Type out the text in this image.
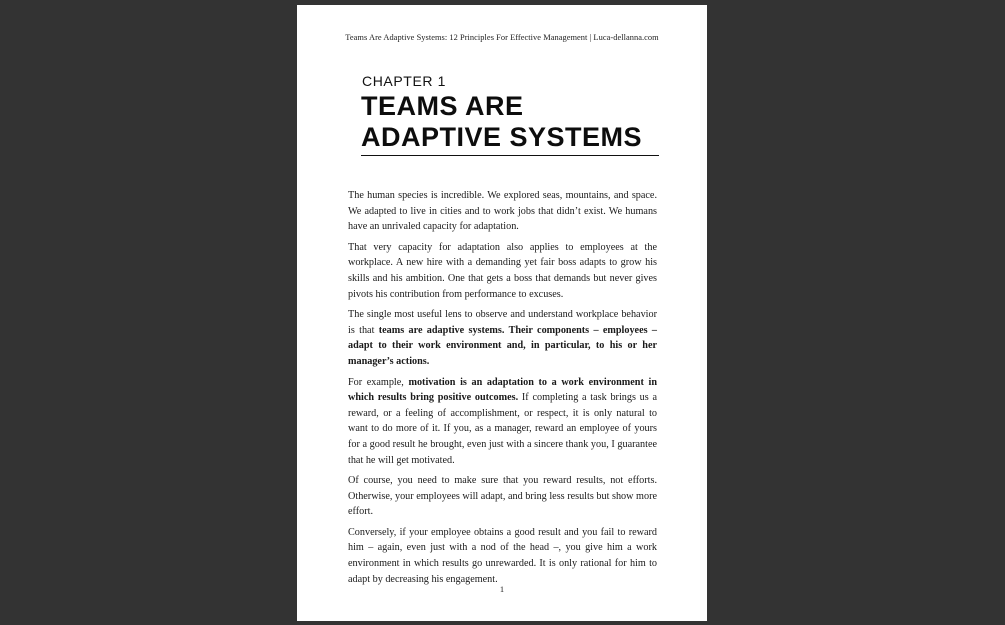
Teams Are Adaptive Systems: 12 Principles For Effective Management | Luca-dellanna.com
CHAPTER 1
TEAMS ARE
ADAPTIVE SYSTEMS

The human species is incredible. We explored seas, mountains, and space. We adapted to live in cities and to work jobs that didn’t exist. We humans have an unrivaled capacity for adaptation.

That very capacity for adaptation also applies to employees at the workplace. A new hire with a demanding yet fair boss adapts to grow his skills and his ambition. One that gets a boss that demands but never gives pivots his contribution from performance to excuses.

The single most useful lens to observe and understand workplace behavior is that teams are adaptive systems. Their components – employees – adapt to their work environment and, in particular, to his or her manager’s actions.

For example, motivation is an adaptation to a work environment in which results bring positive outcomes. If completing a task brings us a reward, or a feeling of accomplishment, or respect, it is only natural to want to do more of it. If you, as a manager, reward an employee of yours for a good result he brought, even just with a sincere thank you, I guarantee that he will get motivated.

Of course, you need to make sure that you reward results, not efforts. Otherwise, your employees will adapt, and bring less results but show more effort.

Conversely, if your employee obtains a good result and you fail to reward him – again, even just with a nod of the head –, you give him a work environment in which results go unrewarded. It is only rational for him to adapt by decreasing his engagement.

1
